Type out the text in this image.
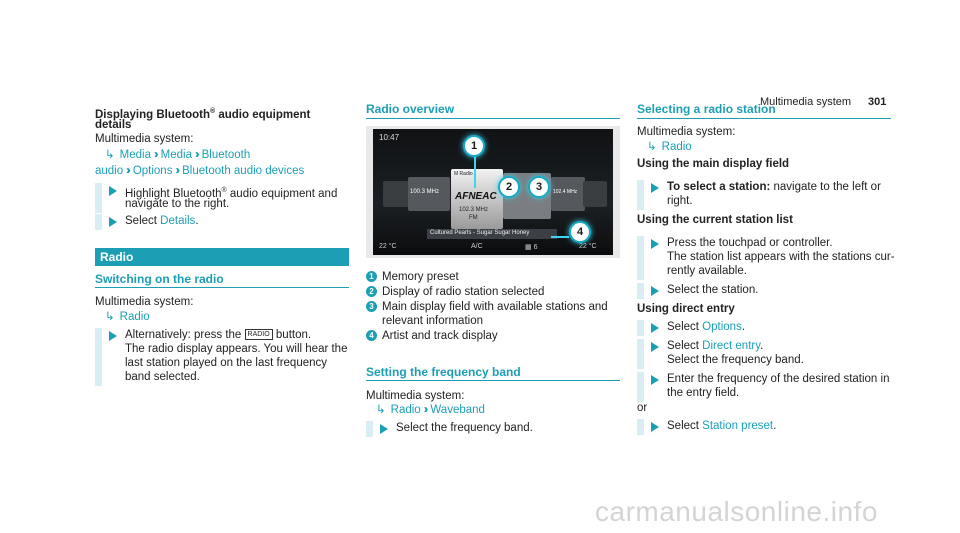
Multimedia system 301
Displaying Bluetooth® audio equipment
details
Multimedia system:
↳ Media ›› Media ›› Bluetooth
audio ›› Options ›› Bluetooth audio devices
Highlight Bluetooth® audio equipment and
navigate to the right.
Select Details.
Radio
Switching on the radio
Multimedia system:
↳ Radio
Alternatively: press the RADIO button.
The radio display appears. You will hear the
last station played on the last frequency
band selected.
Radio overview
10:47
100.3 MHz	102.4 MHz
M Radio
AFNEAC
102.3 MHz
FM
Cultured Pearls - Sugar Sugar Honey
22 °C	A/C	▦ 6	22 °C
1
2	3
4
1 Memory preset
2 Display of radio station selected
3 Main display field with available stations and
relevant information
4 Artist and track display
Setting the frequency band
Multimedia system:
↳ Radio ›› Waveband
Select the frequency band.
Selecting a radio station
Multimedia system:
↳ Radio
Using the main display field
To select a station: navigate to the left or
right.
Using the current station list
Press the touchpad or controller.
The station list appears with the stations cur-
rently available.
Select the station.
Using direct entry
Select Options.
Select Direct entry.
Select the frequency band.
Enter the frequency of the desired station in
the entry field.
or
Select Station preset.
carmanualsonline.info
